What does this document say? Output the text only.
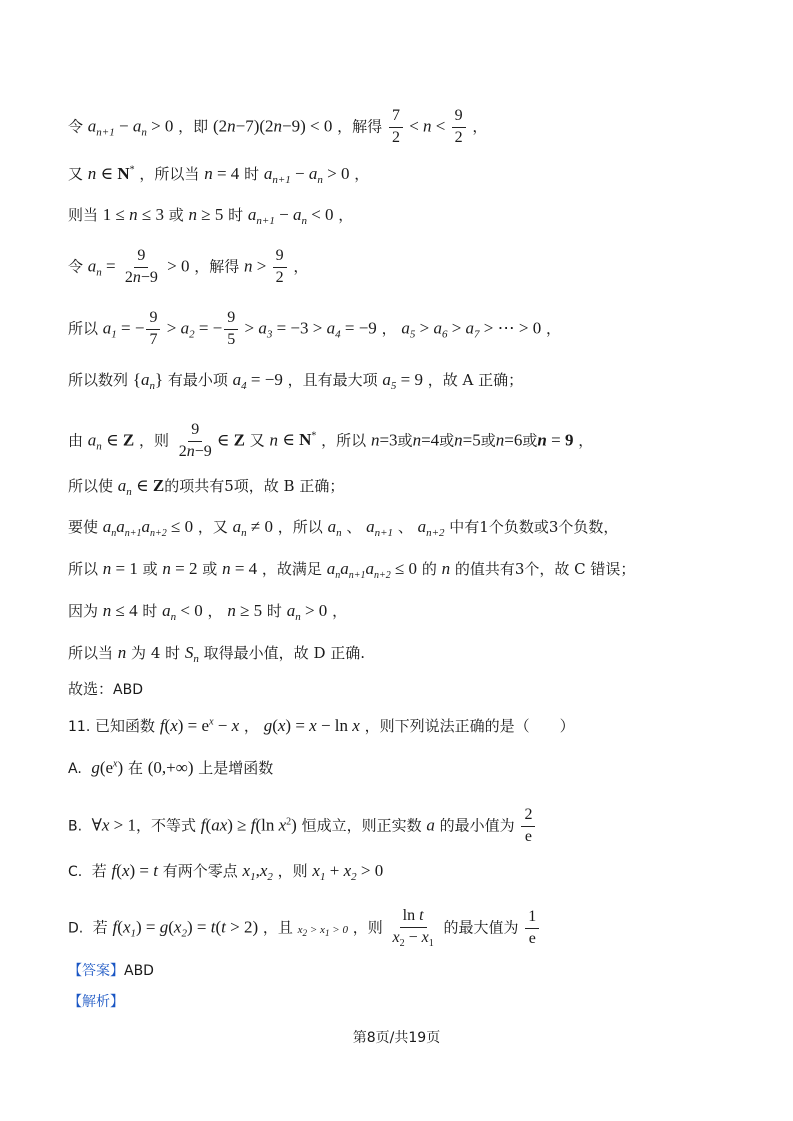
令 $a_{n+1} - a_n > 0$ ，即 (2n−7)(2n−9) < 0 ，解得 $\frac{7}{2} < n < \frac{9}{2}$ ，
又 n ∈ N* ，所以当 n = 4 时 $a_{n+1} - a_n > 0$ ，
则当 1 ≤ n ≤ 3 或 n ≥ 5 时 $a_{n+1} - a_n < 0$ ，
令 $a_n = \frac{9}{2n-9} > 0$ ，解得 $n > \frac{9}{2}$ ，
所以 $a_1$ = − $\frac{9}{7} > a_2$ = − $\frac{9}{5} > a_3 = -3 > a_4 = -9$ ， $a_5 > a_6 > a_7$ > ⋯ > 0 ，
所以数列 $\{a_n\}$ 有最小项 $a_4 = -9$ ，且有最大项 $a_5 = 9$ ，故 A 正确；
由 $a_n$ ∈ Z ，则 $\frac{9}{2n-9}$ ∈ Z 又 n ∈ N* ，所以 n=3或n=4或n=5或n=6或n = 9 ，
所以使 $a_n$ ∈ Z的项共有5项，故 B 正确；
要使 $a_na_{n+1}a_{n+2} \le 0$ ，又 $a_n \ne 0$ ，所以 $a_n$ 、 $a_{n+1}$ 、 $a_{n+2}$ 中有1个负数或3个负数，
所以 n = 1 或 n = 2 或 n = 4 ，故满足 $a_na_{n+1}a_{n+2} \le 0$ 的 n 的值共有3个，故 C 错误；
因为 n ≤ 4 时 $a_n < 0$ ， n ≥ 5 时 $a_n > 0$ ，
所以当 n 为 4 时 $S_n$ 取得最小值，故 D 正确.
故选：ABD
11. 已知函数 $f(x) = e^x - x$ ， g(x) = x − ln x ，则下列说法正确的是（　　）
A. $g(e^x)$ 在 (0,+∞) 上是增函数
B. ∀x > 1，不等式 f(ax) ≥ f(ln $x^2$) 恒成立，则正实数 a 的最小值为 $\frac{2}{e}$
C.  若 f(x) = t 有两个零点 $x_1,x_2$ ，则 $x_1 + x_2 > 0$
D.  若 $f(x_1) = g(x_2) = t(t > 2)$ ，且 $x_2 > x_1 > 0$ ，则 $\frac{\text{ln t}}{x_2 - x_1}$ 的最大值为 $\frac{1}{e}$
【答案】ABD
【解析】
第8页/共19页
